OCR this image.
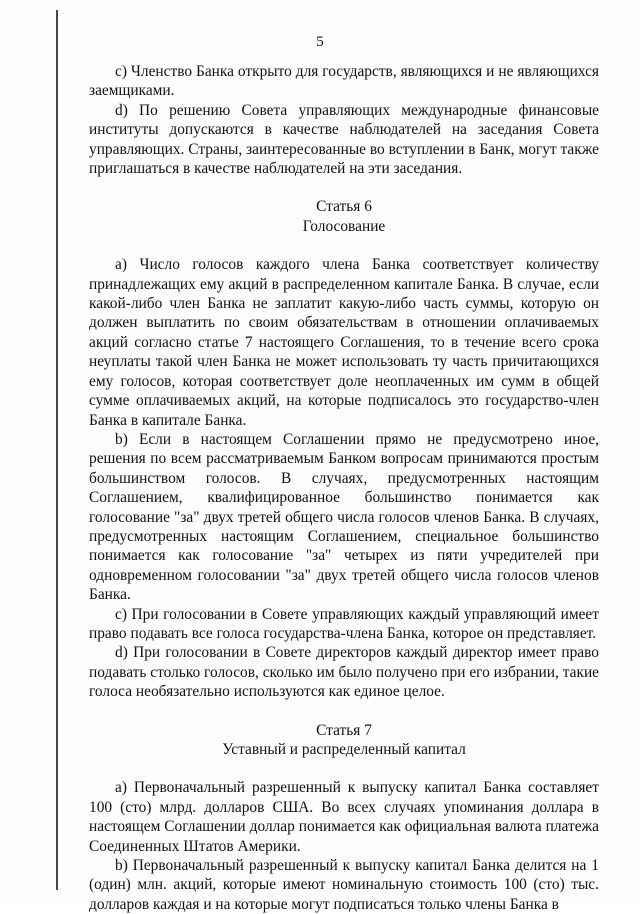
5

c) Членство Банка открыто для государств, являющихся и не являющихся заемщиками.

d) По решению Совета управляющих международные финансовые институты допускаются в качестве наблюдателей на заседания Совета управляющих. Страны, заинтересованные во вступлении в Банк, могут также приглашаться в качестве наблюдателей на эти заседания.

Статья 6

Голосование

a) Число голосов каждого члена Банка соответствует количеству принадлежащих ему акций в распределенном капитале Банка. В случае, если какой-либо член Банка не заплатит какую-либо часть суммы, которую он должен выплатить по своим обязательствам в отношении оплачиваемых акций согласно статье 7 настоящего Соглашения, то в течение всего срока неуплаты такой член Банка не может использовать ту часть причитающихся ему голосов, которая соответствует доле неоплаченных им сумм в общей сумме оплачиваемых акций, на которые подписалось это государство-член Банка в капитале Банка.

b) Если в настоящем Соглашении прямо не предусмотрено иное, решения по всем рассматриваемым Банком вопросам принимаются простым большинством голосов. В случаях, предусмотренных настоящим Соглашением, квалифицированное большинство понимается как голосование "за" двух третей общего числа голосов членов Банка. В случаях, предусмотренных настоящим Соглашением, специальное большинство понимается как голосование "за" четырех из пяти учредителей при одновременном голосовании "за" двух третей общего числа голосов членов Банка.

c) При голосовании в Совете управляющих каждый управляющий имеет право подавать все голоса государства-члена Банка, которое он представляет.

d) При голосовании в Совете директоров каждый директор имеет право подавать столько голосов, сколько им было получено при его избрании, такие голоса необязательно используются как единое целое.

Статья 7

Уставный и распределенный капитал

a) Первоначальный разрешенный к выпуску капитал Банка составляет 100 (сто) млрд. долларов США. Во всех случаях упоминания доллара в настоящем Соглашении доллар понимается как официальная валюта платежа Соединенных Штатов Америки.

b) Первоначальный разрешенный к выпуску капитал Банка делится на 1 (один) млн. акций, которые имеют номинальную стоимость 100 (сто) тыс. долларов каждая и на которые могут подписаться только члены Банка в
